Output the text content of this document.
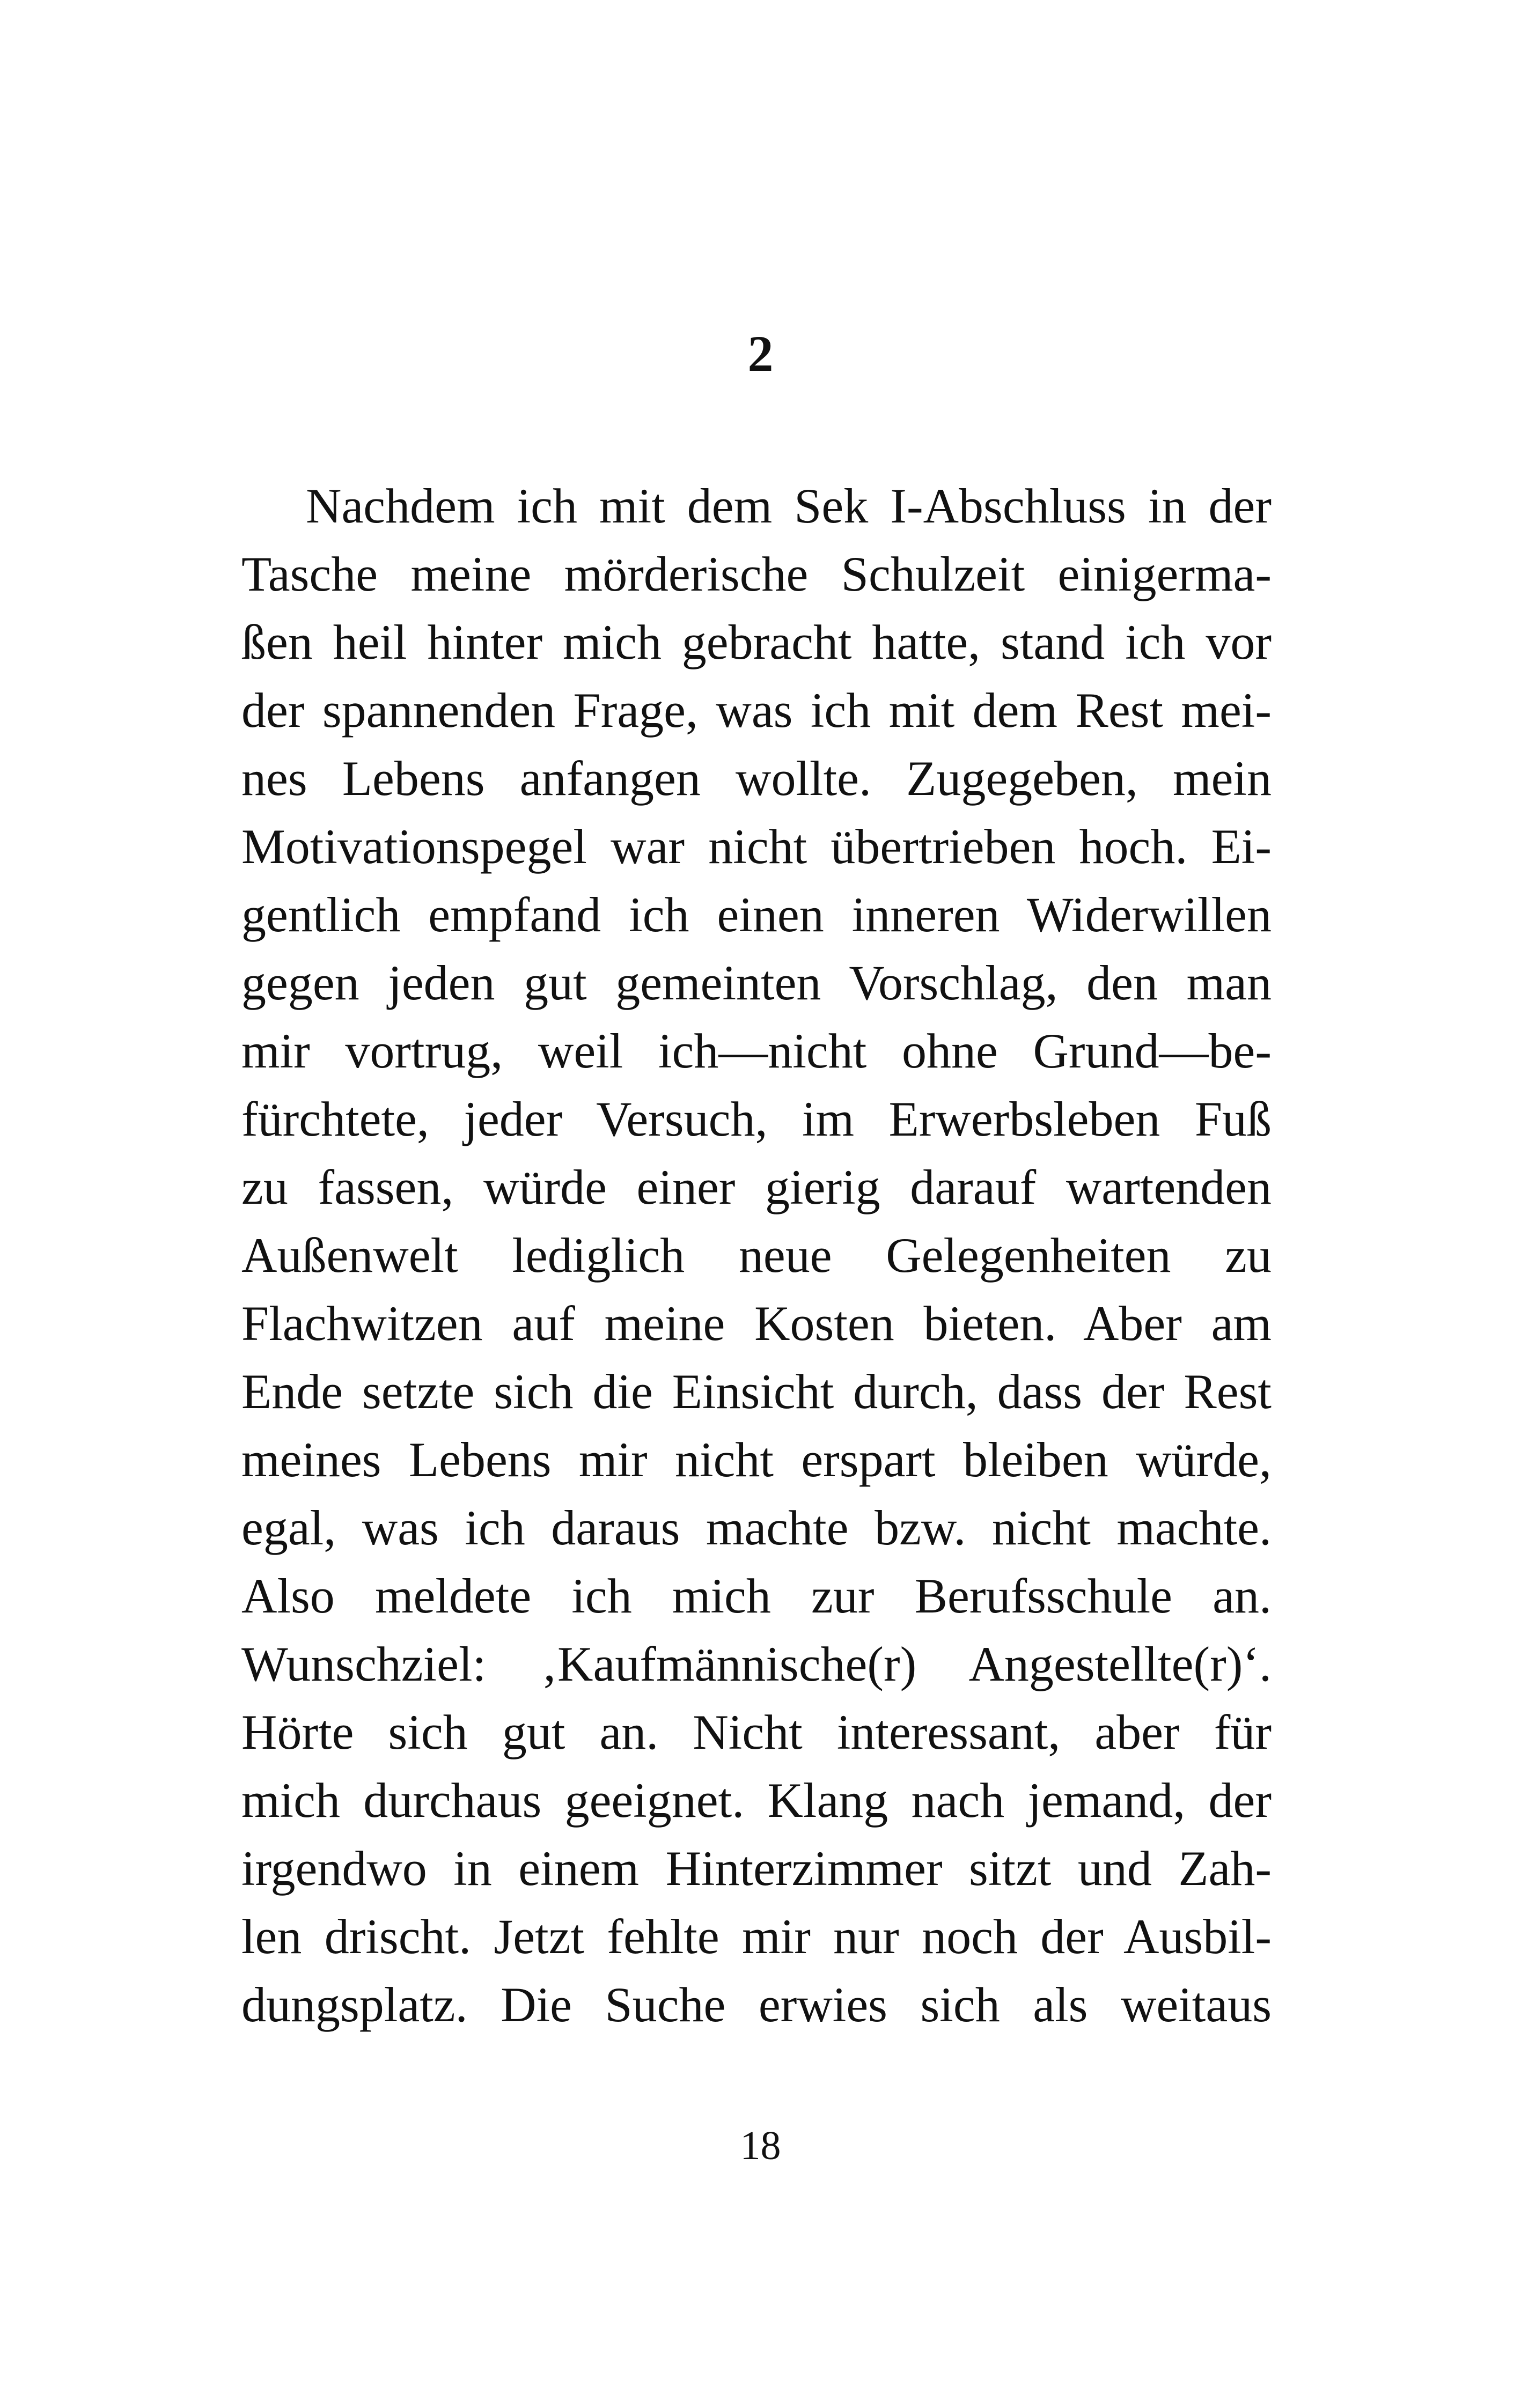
2
Nachdem ich mit dem Sek I-Abschluss in der
Tasche meine mörderische Schulzeit einigerma-
ßen heil hinter mich gebracht hatte, stand ich vor
der spannenden Frage, was ich mit dem Rest mei-
nes Lebens anfangen wollte. Zugegeben, mein
Motivationspegel war nicht übertrieben hoch. Ei-
gentlich empfand ich einen inneren Widerwillen
gegen jeden gut gemeinten Vorschlag, den man
mir vortrug, weil ich—nicht ohne Grund—be-
fürchtete, jeder Versuch, im Erwerbsleben Fuß
zu fassen, würde einer gierig darauf wartenden
Außenwelt lediglich neue Gelegenheiten zu
Flachwitzen auf meine Kosten bieten. Aber am
Ende setzte sich die Einsicht durch, dass der Rest
meines Lebens mir nicht erspart bleiben würde,
egal, was ich daraus machte bzw. nicht machte.
Also meldete ich mich zur Berufsschule an.
Wunschziel: ‚Kaufmännische(r) Angestellte(r)‘.
Hörte sich gut an. Nicht interessant, aber für
mich durchaus geeignet. Klang nach jemand, der
irgendwo in einem Hinterzimmer sitzt und Zah-
len drischt. Jetzt fehlte mir nur noch der Ausbil-
dungsplatz. Die Suche erwies sich als weitaus
18
